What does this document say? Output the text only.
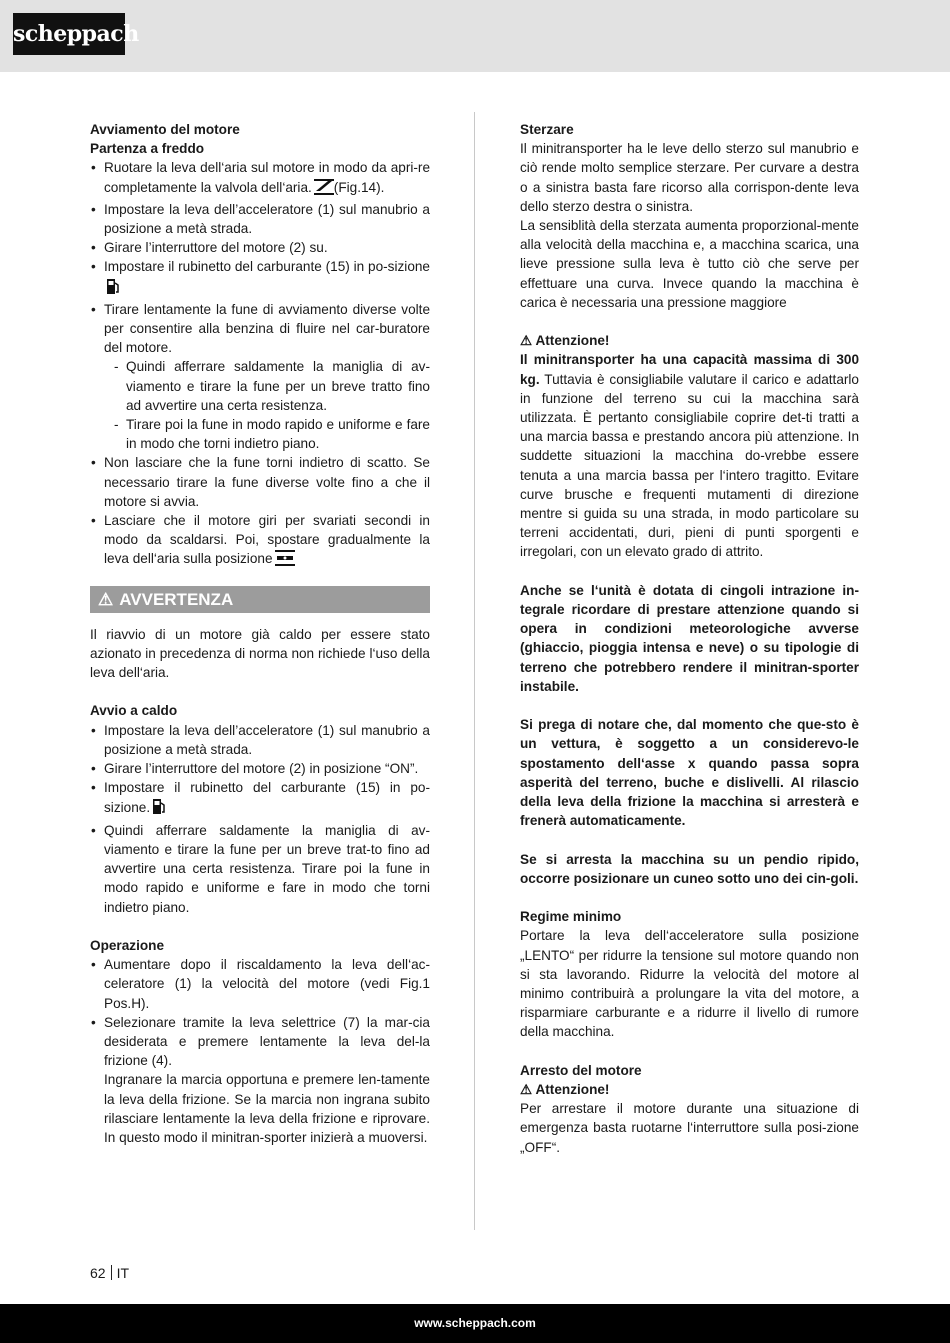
scheppach

Avviamento del motore

Partenza a freddo

• Ruotare la leva dell‘aria sul motore in modo da apri-re completamente la valvola dell‘aria. (Fig.14).
• Impostare la leva dell’acceleratore (1) sul manubrio a posizione a metà strada.
• Girare l’interruttore del motore (2) su.
• Impostare il rubinetto del carburante (15) in po-sizione
• Tirare lentamente la fune di avviamento diverse volte per consentire alla benzina di fluire nel car-buratore del motore.
- Quindi afferrare saldamente la maniglia di av-viamento e tirare la fune per un breve tratto fino ad avvertire una certa resistenza.
- Tirare poi la fune in modo rapido e uniforme e fare in modo che torni indietro piano.
• Non lasciare che la fune torni indietro di scatto. Se necessario tirare la fune diverse volte fino a che il motore si avvia.
• Lasciare che il motore giri per svariati secondi in modo da scaldarsi. Poi, spostare gradualmente la leva dell‘aria sulla posizione
⚠ AVVERTENZA

Il riavvio di un motore già caldo per essere stato azionato in precedenza di norma non richiede l‘uso della leva dell‘aria.

Avvio a caldo

• Impostare la leva dell’acceleratore (1) sul manubrio a posizione a metà strada.
• Girare l’interruttore del motore (2) in posizione “ON”.
• Impostare il rubinetto del carburante (15) in po-sizione.
• Quindi afferrare saldamente la maniglia di av-viamento e tirare la fune per un breve trat-to fino ad avvertire una certa resistenza. Tirare poi la fune in modo rapido e uniforme e fare in modo che torni indietro piano.

Operazione

• Aumentare dopo il riscaldamento la leva dell‘ac-celeratore (1) la velocità del motore (vedi Fig.1 Pos.H).
• Selezionare tramite la leva selettrice (7) la mar-cia desiderata e premere lentamente la leva del-la frizione (4).
Ingranare la marcia opportuna e premere len-tamente la leva della frizione. Se la marcia non ingrana subito rilasciare lentamente la leva della frizione e riprovare. In questo modo il minitran-sporter inizierà a muoversi.

Sterzare

Il minitransporter ha le leve dello sterzo sul manubrio e ciò rende molto semplice sterzare. Per curvare a destra o a sinistra basta fare ricorso alla corrispon-dente leva dello sterzo destra o sinistra.

La sensiblità della sterzata aumenta proporzional-mente alla velocità della macchina e, a macchina scarica, una lieve pressione sulla leva è tutto ciò che serve per effettuare una curva. Invece quando la macchina è carica è necessaria una pressione maggiore

⚠ Attenzione!

Il minitransporter ha una capacità massima di 300 kg. Tuttavia è consigliabile valutare il carico e adattarlo in funzione del terreno su cui la macchina sarà utilizzata. È pertanto consigliabile coprire det-ti tratti a una marcia bassa e prestando ancora più attenzione. In suddette situazioni la macchina do-vrebbe essere tenuta a una marcia bassa per l‘intero tragitto. Evitare curve brusche e frequenti mutamenti di direzione mentre si guida su una strada, in modo particolare su terreni accidentati, duri, pieni di punti sporgenti e irregolari, con un elevato grado di attrito.

Anche se l‘unità è dotata di cingoli intrazione in-tegrale ricordare di prestare attenzione quando si opera in condizioni meteorologiche avverse (ghiaccio, pioggia intensa e neve) o su tipologie di terreno che potrebbero rendere il minitran-sporter instabile.

Si prega di notare che, dal momento che que-sto è un vettura, è soggetto a un considerevo-le spostamento dell‘asse x quando passa sopra asperità del terreno, buche e dislivelli. Al rilascio della leva della frizione la macchina si arresterà e frenerà automaticamente.

Se si arresta la macchina su un pendio ripido, occorre posizionare un cuneo sotto uno dei cin-goli.

Regime minimo

Portare la leva dell‘acceleratore sulla posizione „LENTO“ per ridurre la tensione sul motore quando non si sta lavorando. Ridurre la velocità del motore al minimo contribuirà a prolungare la vita del motore, a risparmiare carburante e a ridurre il livello di rumore della macchina.

Arresto del motore

⚠ Attenzione!

Per arrestare il motore durante una situazione di emergenza basta ruotarne l‘interruttore sulla posi-zione „OFF“.

62 IT
www.scheppach.com
